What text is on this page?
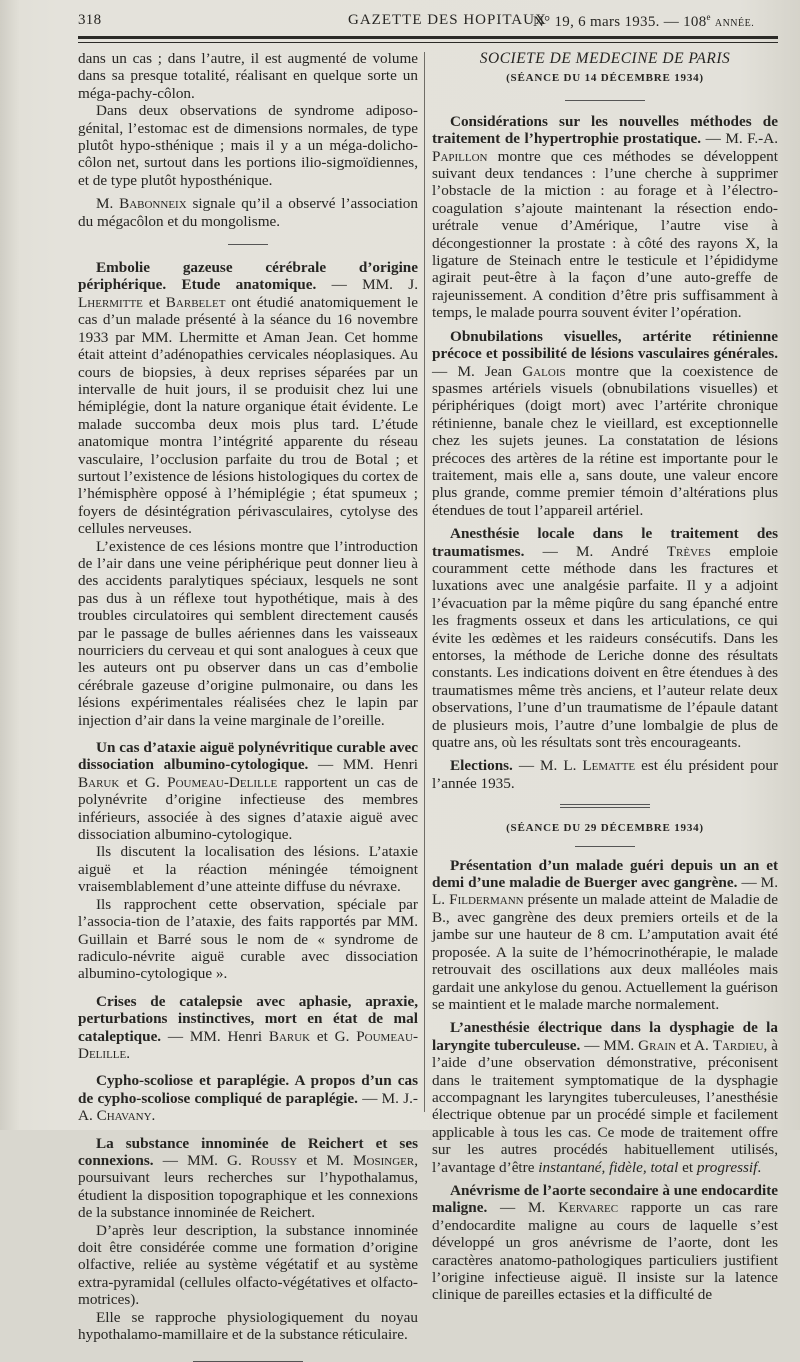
318	GAZETTE DES HOPITAUX
N° 19, 6 mars 1935. — 108e ANNÉE.

dans un cas ; dans l’autre, il est augmenté de volume dans sa presque totalité, réalisant en quelque sorte un méga-pachy-côlon.

Dans deux observations de syndrome adiposo-génital, l’estomac est de dimensions normales, de type plutôt hypo-sthénique ; mais il y a un méga-dolicho-côlon net, surtout dans les portions ilio-sigmoïdiennes, et de type plutôt hyposthénique.

M. Babonneix signale qu’il a observé l’association du mégacôlon et du mongolisme.

Embolie gazeuse cérébrale d’origine périphérique. Etude anatomique. — MM. J. Lhermitte et Barbelet ont étudié anatomiquement le cas d’un malade présenté à la séance du 16 novembre 1933 par MM. Lhermitte et Aman Jean. Cet homme était atteint d’adénopathies cervicales néoplasiques. Au cours de biopsies, à deux reprises séparées par un intervalle de huit jours, il se produisit chez lui une hémiplégie, dont la nature organique était évidente. Le malade succomba deux mois plus tard. L’étude anatomique montra l’intégrité apparente du réseau vasculaire, l’occlusion parfaite du trou de Botal ; et surtout l’existence de lésions histologiques du cortex de l’hémisphère opposé à l’hémiplégie ; état spumeux ; foyers de désintégration périvasculaires, cytolyse des cellules nerveuses.

L’existence de ces lésions montre que l’introduction de l’air dans une veine périphérique peut donner lieu à des accidents paralytiques spéciaux, lesquels ne sont pas dus à un réflexe tout hypothétique, mais à des troubles circulatoires qui semblent directement causés par le passage de bulles aériennes dans les vaisseaux nourriciers du cerveau et qui sont analogues à ceux que les auteurs ont pu observer dans un cas d’embolie cérébrale gazeuse d’origine pulmonaire, ou dans les lésions expérimentales réalisées chez le lapin par injection d’air dans la veine marginale de l’oreille.

Un cas d’ataxie aiguë polynévritique curable avec dissociation albumino-cytologique. — MM. Henri Baruk et G. Poumeau-Delille rapportent un cas de polynévrite d’origine infectieuse des membres inférieurs, associée à des signes d’ataxie aiguë avec dissociation albumino-cytologique.

Ils discutent la localisation des lésions. L’ataxie aiguë et la réaction méningée témoignent vraisemblablement d’une atteinte diffuse du névraxe.

Ils rapprochent cette observation, spéciale par l’associa-tion de l’ataxie, des faits rapportés par MM. Guillain et Barré sous le nom de « syndrome de radiculo-névrite aiguë curable avec dissociation albumino-cytologique ».

Crises de catalepsie avec aphasie, apraxie, perturbations instinctives, mort en état de mal cataleptique. — MM. Henri Baruk et G. Poumeau-Delille.

Cypho-scoliose et paraplégie. A propos d’un cas de cypho-scoliose compliqué de paraplégie. — M. J.-A. Chavany.

La substance innominée de Reichert et ses connexions. — MM. G. Roussy et M. Mosinger, poursuivant leurs recherches sur l’hypothalamus, étudient la disposition topographique et les connexions de la substance innominée de Reichert.

D’après leur description, la substance innominée doit être considérée comme une formation d’origine olfactive, reliée au système végétatif et au système extra-pyramidal (cellules olfacto-végétatives et olfacto-motrices).

Elle se rapproche physiologiquement du noyau hypothalamo-mamillaire et de la substance réticulaire.

SOCIETE DE MEDECINE DE PARIS
(SÉANCE DU 14 DÉCEMBRE 1934)

Considérations sur les nouvelles méthodes de traitement de l’hypertrophie prostatique. — M. F.-A. Papillon montre que ces méthodes se développent suivant deux tendances : l’une cherche à supprimer l’obstacle de la miction : au forage et à l’électro-coagulation s’ajoute maintenant la résection endo-urétrale venue d’Amérique, l’autre vise à décongestionner la prostate : à côté des rayons X, la ligature de Steinach entre le testicule et l’épididyme agirait peut-être à la façon d’une auto-greffe de rajeunissement. A condition d’être pris suffisamment à temps, le malade pourra souvent éviter l’opération.

Obnubilations visuelles, artérite rétinienne précoce et possibilité de lésions vasculaires générales. — M. Jean Galois montre que la coexistence de spasmes artériels visuels (obnubilations visuelles) et périphériques (doigt mort) avec l’artérite chronique rétinienne, banale chez le vieillard, est exceptionnelle chez les sujets jeunes. La constatation de lésions précoces des artères de la rétine est importante pour le traitement, mais elle a, sans doute, une valeur encore plus grande, comme premier témoin d’altérations plus étendues de tout l’appareil artériel.

Anesthésie locale dans le traitement des traumatismes. — M. André Trèves emploie couramment cette méthode dans les fractures et luxations avec une analgésie parfaite. Il y a adjoint l’évacuation par la même piqûre du sang épanché entre les fragments osseux et dans les articulations, ce qui évite les œdèmes et les raideurs consécutifs. Dans les entorses, la méthode de Leriche donne des résultats constants. Les indications doivent en être étendues à des traumatismes même très anciens, et l’auteur relate deux observations, l’une d’un traumatisme de l’épaule datant de plusieurs mois, l’autre d’une lombalgie de plus de quatre ans, où les résultats sont très encourageants.

Elections. — M. L. Lematte est élu président pour l’année 1935.

(SÉANCE DU 29 DÉCEMBRE 1934)

Présentation d’un malade guéri depuis un an et demi d’une maladie de Buerger avec gangrène. — M. L. Fildermann présente un malade atteint de Maladie de B., avec gangrène des deux premiers orteils et de la jambe sur une hauteur de 8 cm. L’amputation avait été proposée. A la suite de l’hémocrinothérapie, le malade retrouvait des oscillations aux deux malléoles mais gardait une ankylose du genou. Actuellement la guérison se maintient et le malade marche normalement.

L’anesthésie électrique dans la dysphagie de la laryngite tuberculeuse. — MM. Grain et A. Tardieu, à l’aide d’une observation démonstrative, préconisent dans le traitement symptomatique de la dysphagie accompagnant les laryngites tuberculeuses, l’anesthésie électrique obtenue par un procédé simple et facilement applicable à tous les cas. Ce mode de traitement offre sur les autres procédés habituellement utilisés, l’avantage d’être instantané, fidèle, total et progressif.

Anévrisme de l’aorte secondaire à une endocardite maligne. — M. Kervarec rapporte un cas rare d’endocardite maligne au cours de laquelle s’est développé un gros anévrisme de l’aorte, dont les caractères anatomo-pathologiques particuliers justifient l’origine infectieuse aiguë. Il insiste sur la latence clinique de pareilles ectasies et la difficulté de
